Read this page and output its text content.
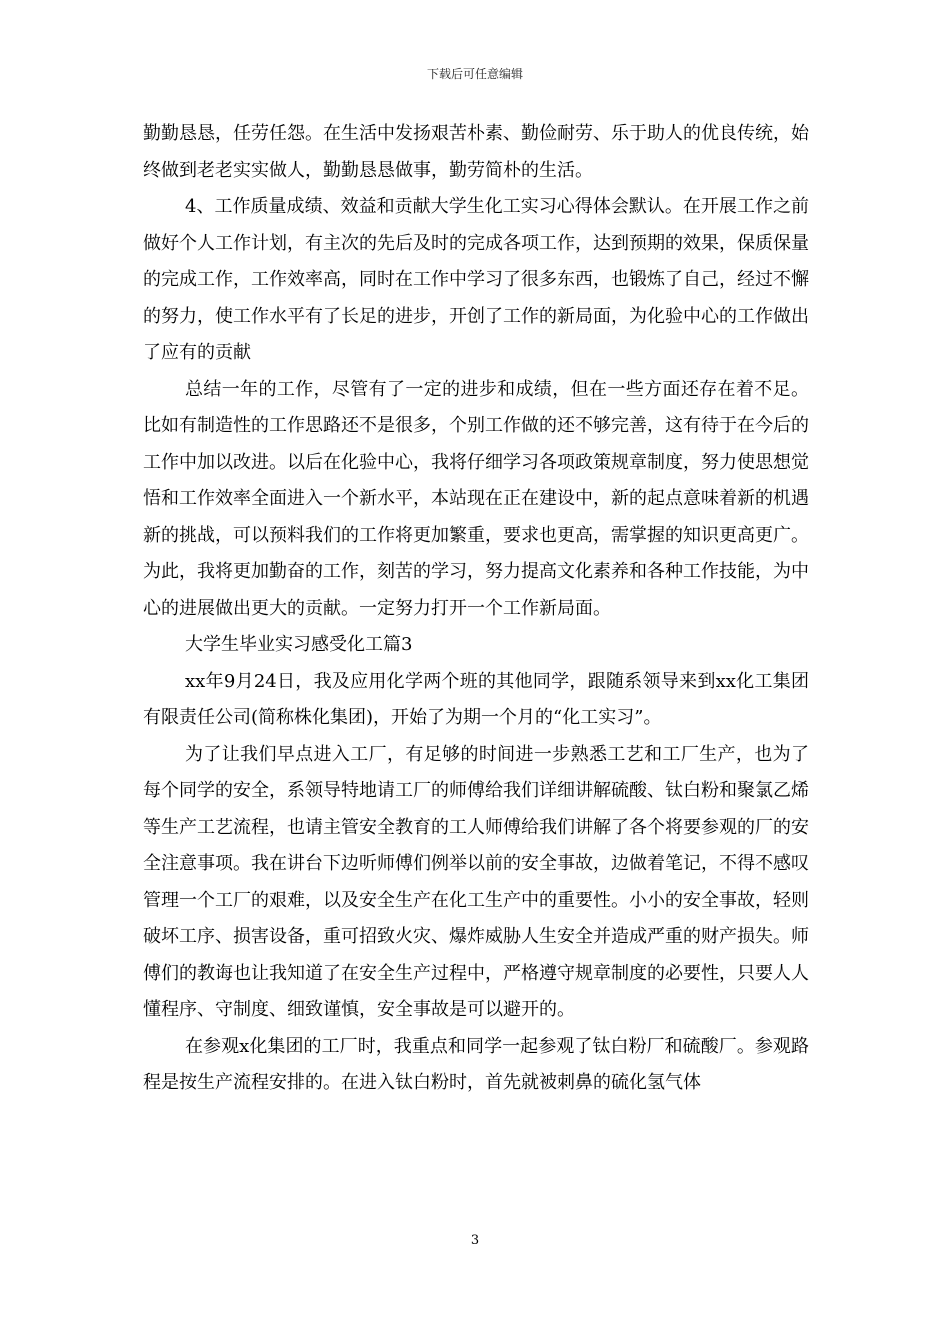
下载后可任意编辑

勤勤恳恳，任劳任怨。在生活中发扬艰苦朴素、勤俭耐劳、乐于助人的优良传统，始终做到老老实实做人，勤勤恳恳做事，勤劳简朴的生活。

4、工作质量成绩、效益和贡献大学生化工实习心得体会默认。在开展工作之前做好个人工作计划，有主次的先后及时的完成各项工作，达到预期的效果，保质保量的完成工作，工作效率高，同时在工作中学习了很多东西，也锻炼了自己，经过不懈的努力，使工作水平有了长足的进步，开创了工作的新局面，为化验中心的工作做出了应有的贡献

总结一年的工作，尽管有了一定的进步和成绩，但在一些方面还存在着不足。比如有制造性的工作思路还不是很多，个别工作做的还不够完善，这有待于在今后的工作中加以改进。以后在化验中心，我将仔细学习各项政策规章制度，努力使思想觉悟和工作效率全面进入一个新水平，本站现在正在建设中，新的起点意味着新的机遇新的挑战，可以预料我们的工作将更加繁重，要求也更高，需掌握的知识更高更广。为此，我将更加勤奋的工作，刻苦的学习，努力提高文化素养和各种工作技能，为中心的进展做出更大的贡献。一定努力打开一个工作新局面。

大学生毕业实习感受化工篇3

xx年9月24日，我及应用化学两个班的其他同学，跟随系领导来到xx化工集团有限责任公司(简称株化集团)，开始了为期一个月的“化工实习”。

为了让我们早点进入工厂，有足够的时间进一步熟悉工艺和工厂生产，也为了每个同学的安全，系领导特地请工厂的师傅给我们详细讲解硫酸、钛白粉和聚氯乙烯等生产工艺流程，也请主管安全教育的工人师傅给我们讲解了各个将要参观的厂的安全注意事项。我在讲台下边听师傅们例举以前的安全事故，边做着笔记，不得不感叹管理一个工厂的艰难，以及安全生产在化工生产中的重要性。小小的安全事故，轻则破坏工序、损害设备，重可招致火灾、爆炸威胁人生安全并造成严重的财产损失。师傅们的教诲也让我知道了在安全生产过程中，严格遵守规章制度的必要性，只要人人懂程序、守制度、细致谨慎，安全事故是可以避开的。

在参观x化集团的工厂时，我重点和同学一起参观了钛白粉厂和硫酸厂。参观路程是按生产流程安排的。在进入钛白粉时，首先就被刺鼻的硫化氢气体

3
